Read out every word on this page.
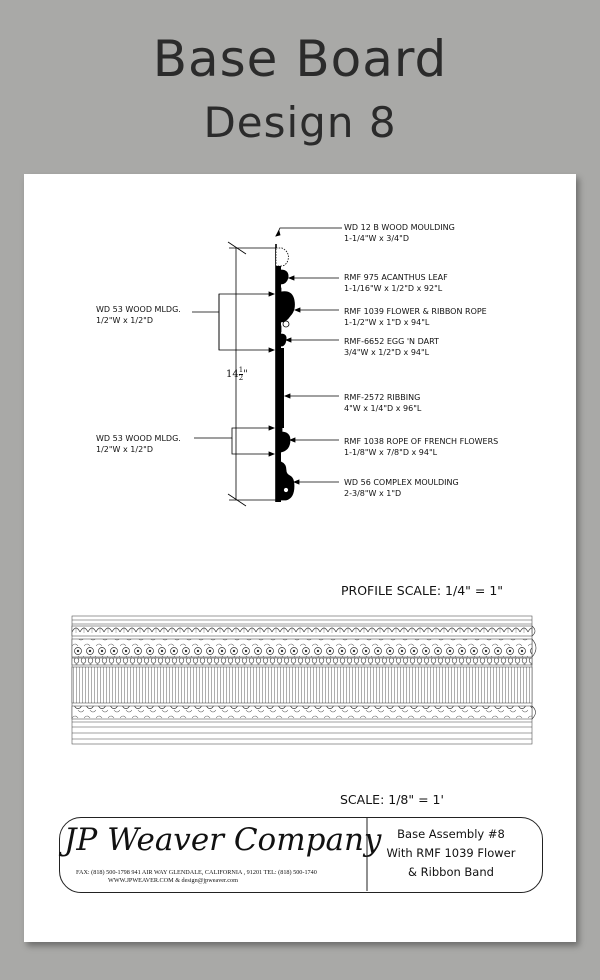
Base Board
Design 8
WD 12 B WOOD MOULDING
1-1/4"W x 3/4"D
RMF 975 ACANTHUS LEAF
1-1/16"W x 1/2"D x 92"L
RMF 1039 FLOWER & RIBBON ROPE
1-1/2"W x 1"D x 94"L
RMF-6652 EGG 'N DART
3/4"W x 1/2"D x 94"L
RMF-2572 RIBBING
4"W x 1/4"D x 96"L
RMF 1038 ROPE OF FRENCH FLOWERS
1-1/8"W x 7/8"D x 94"L
WD 56 COMPLEX MOULDING
2-3/8"W x 1"D
WD 53 WOOD MLDG.
1/2"W x 1/2"D
WD 53 WOOD MLDG.
1/2"W x 1/2"D
$14 \frac{1}{2}$ "
PROFILE SCALE: 1/4" = 1"
SCALE: 1/8" = 1'
JP Weaver Company
FAX: (818) 500-1798 941 AIR WAY GLENDALE, CALIFORNIA , 91201 TEL: (818) 500-1740
WWW.JPWEAVER.COM & design@jpweaver.com
Base Assembly #8
With RMF 1039 Flower
& Ribbon Band
